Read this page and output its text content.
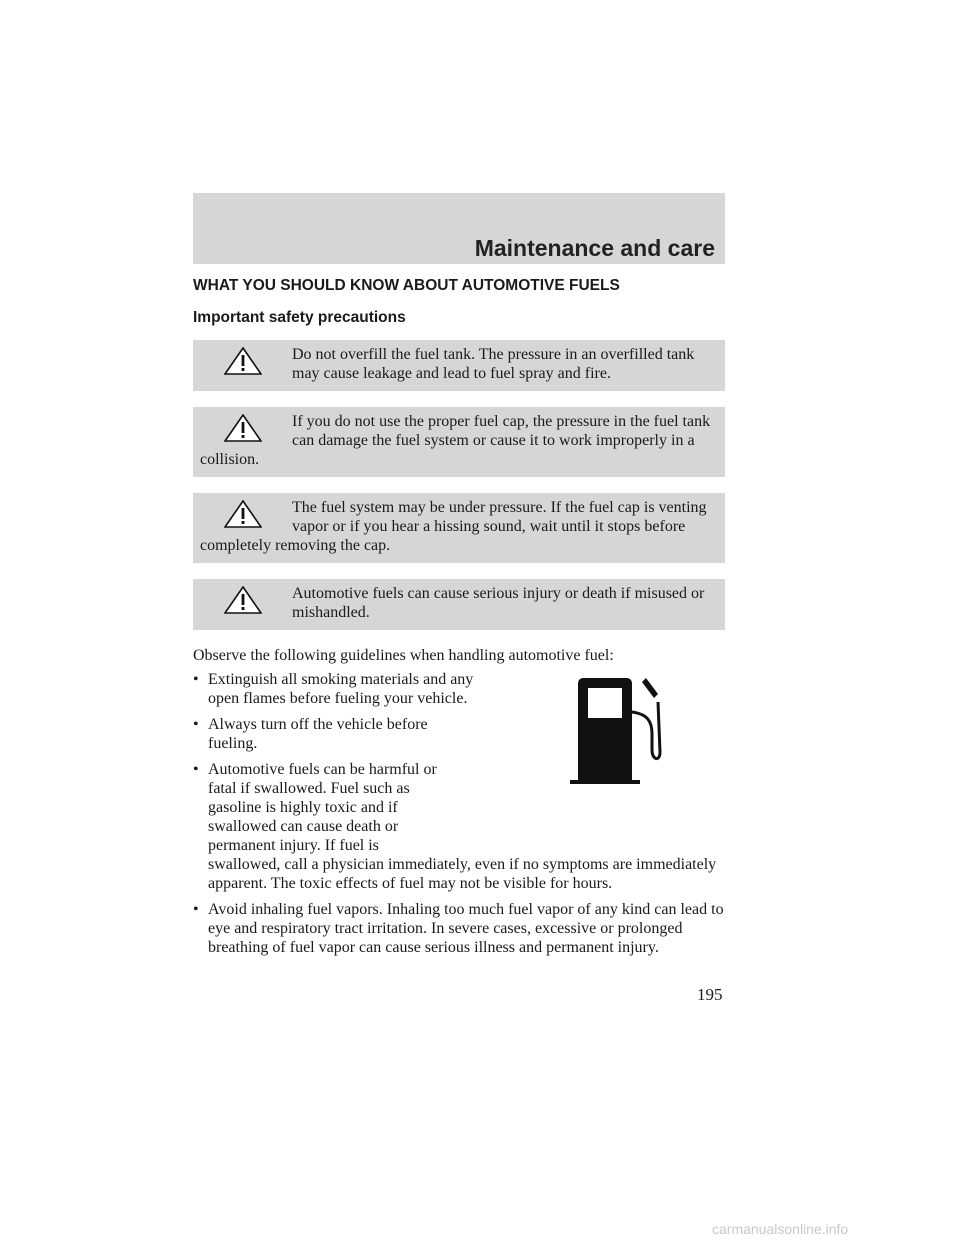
Maintenance and care
WHAT YOU SHOULD KNOW ABOUT AUTOMOTIVE FUELS
Important safety precautions
Do not overfill the fuel tank. The pressure in an overfilled tank may cause leakage and lead to fuel spray and fire.
If you do not use the proper fuel cap, the pressure in the fuel tank can damage the fuel system or cause it to work improperly in a collision.
The fuel system may be under pressure. If the fuel cap is venting vapor or if you hear a hissing sound, wait until it stops before completely removing the cap.
Automotive fuels can cause serious injury or death if misused or mishandled.

Observe the following guidelines when handling automotive fuel:

• Extinguish all smoking materials and any open flames before fueling your vehicle.
• Always turn off the vehicle before fueling.
• Automotive fuels can be harmful or fatal if swallowed. Fuel such as gasoline is highly toxic and if swallowed can cause death or permanent injury. If fuel is
swallowed, call a physician immediately, even if no symptoms are immediately apparent. The toxic effects of fuel may not be visible for hours.
• Avoid inhaling fuel vapors. Inhaling too much fuel vapor of any kind can lead to eye and respiratory tract irritation. In severe cases, excessive or prolonged breathing of fuel vapor can cause serious illness and permanent injury.
195
carmanualsonline.info
